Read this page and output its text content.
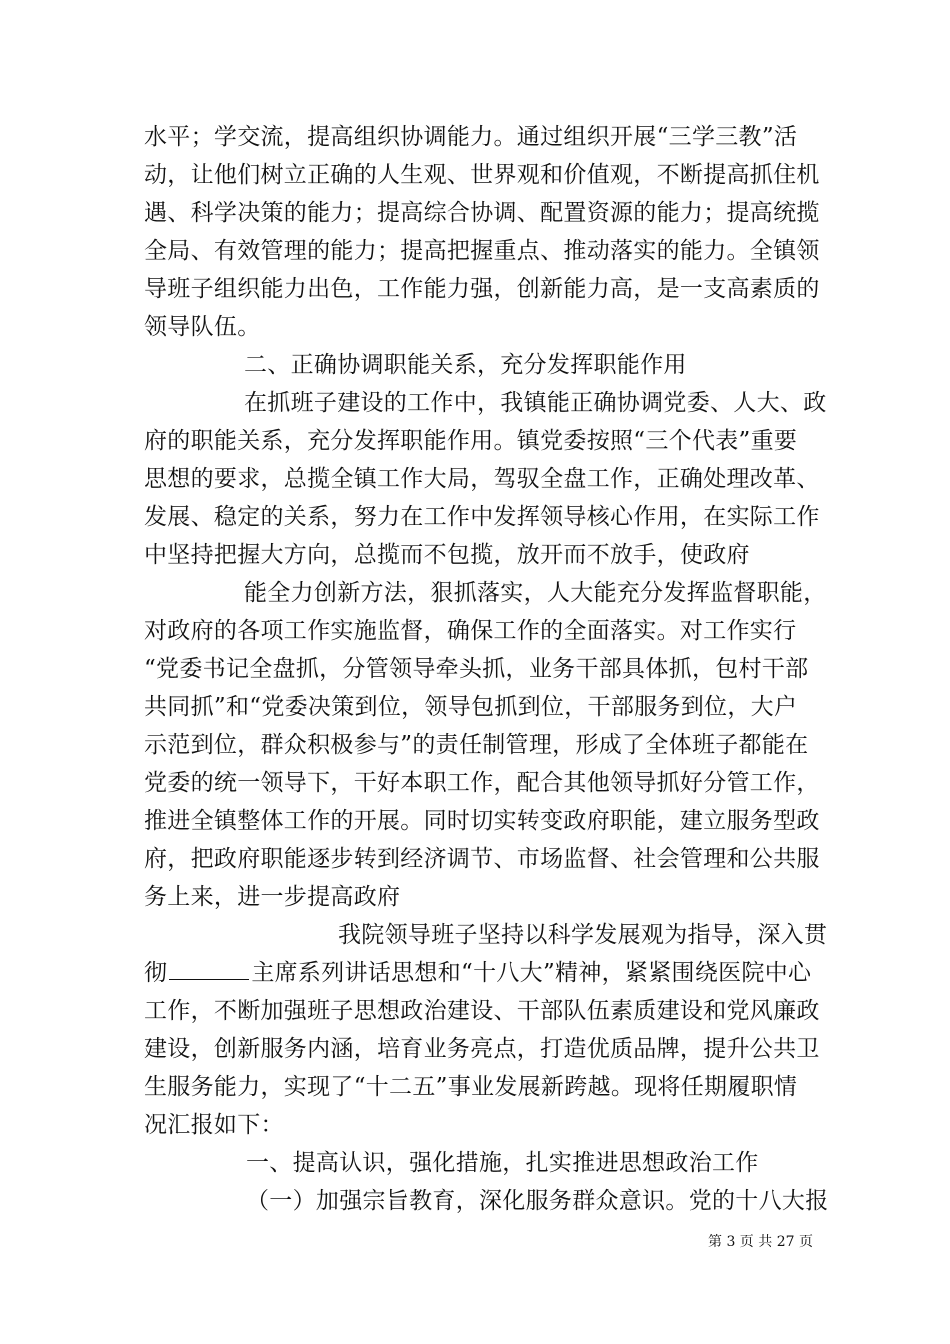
水平；学交流，提高组织协调能力。通过组织开展“三学三教”活
动，让他们树立正确的人生观、世界观和价值观，不断提高抓住机
遇、科学决策的能力；提高综合协调、配置资源的能力；提高统揽
全局、有效管理的能力；提高把握重点、推动落实的能力。全镇领
导班子组织能力出色，工作能力强，创新能力高，是一支高素质的
领导队伍。
二、正确协调职能关系，充分发挥职能作用
在抓班子建设的工作中，我镇能正确协调党委、人大、政
府的职能关系，充分发挥职能作用。镇党委按照“三个代表”重要
思想的要求，总揽全镇工作大局，驾驭全盘工作，正确处理改革、
发展、稳定的关系，努力在工作中发挥领导核心作用，在实际工作
中坚持把握大方向，总揽而不包揽，放开而不放手，使政府
能全力创新方法，狠抓落实，人大能充分发挥监督职能，
对政府的各项工作实施监督，确保工作的全面落实。对工作实行
“党委书记全盘抓，分管领导牵头抓，业务干部具体抓，包村干部
共同抓”和“党委决策到位，领导包抓到位，干部服务到位，大户
示范到位，群众积极参与”的责任制管理，形成了全体班子都能在
党委的统一领导下，干好本职工作，配合其他领导抓好分管工作，
推进全镇整体工作的开展。同时切实转变政府职能，建立服务型政
府，把政府职能逐步转到经济调节、市场监督、社会管理和公共服
务上来，进一步提高政府
我院领导班子坚持以科学发展观为指导，深入贯
彻	主席系列讲话思想和“十八大”精神，紧紧围绕医院中心
工作，不断加强班子思想政治建设、干部队伍素质建设和党风廉政
建设，创新服务内涵，培育业务亮点，打造优质品牌，提升公共卫
生服务能力，实现了“十二五”事业发展新跨越。现将任期履职情
况汇报如下：
一、提高认识，强化措施，扎实推进思想政治工作
（一）加强宗旨教育，深化服务群众意识。党的十八大报
第 3 页 共 27 页
